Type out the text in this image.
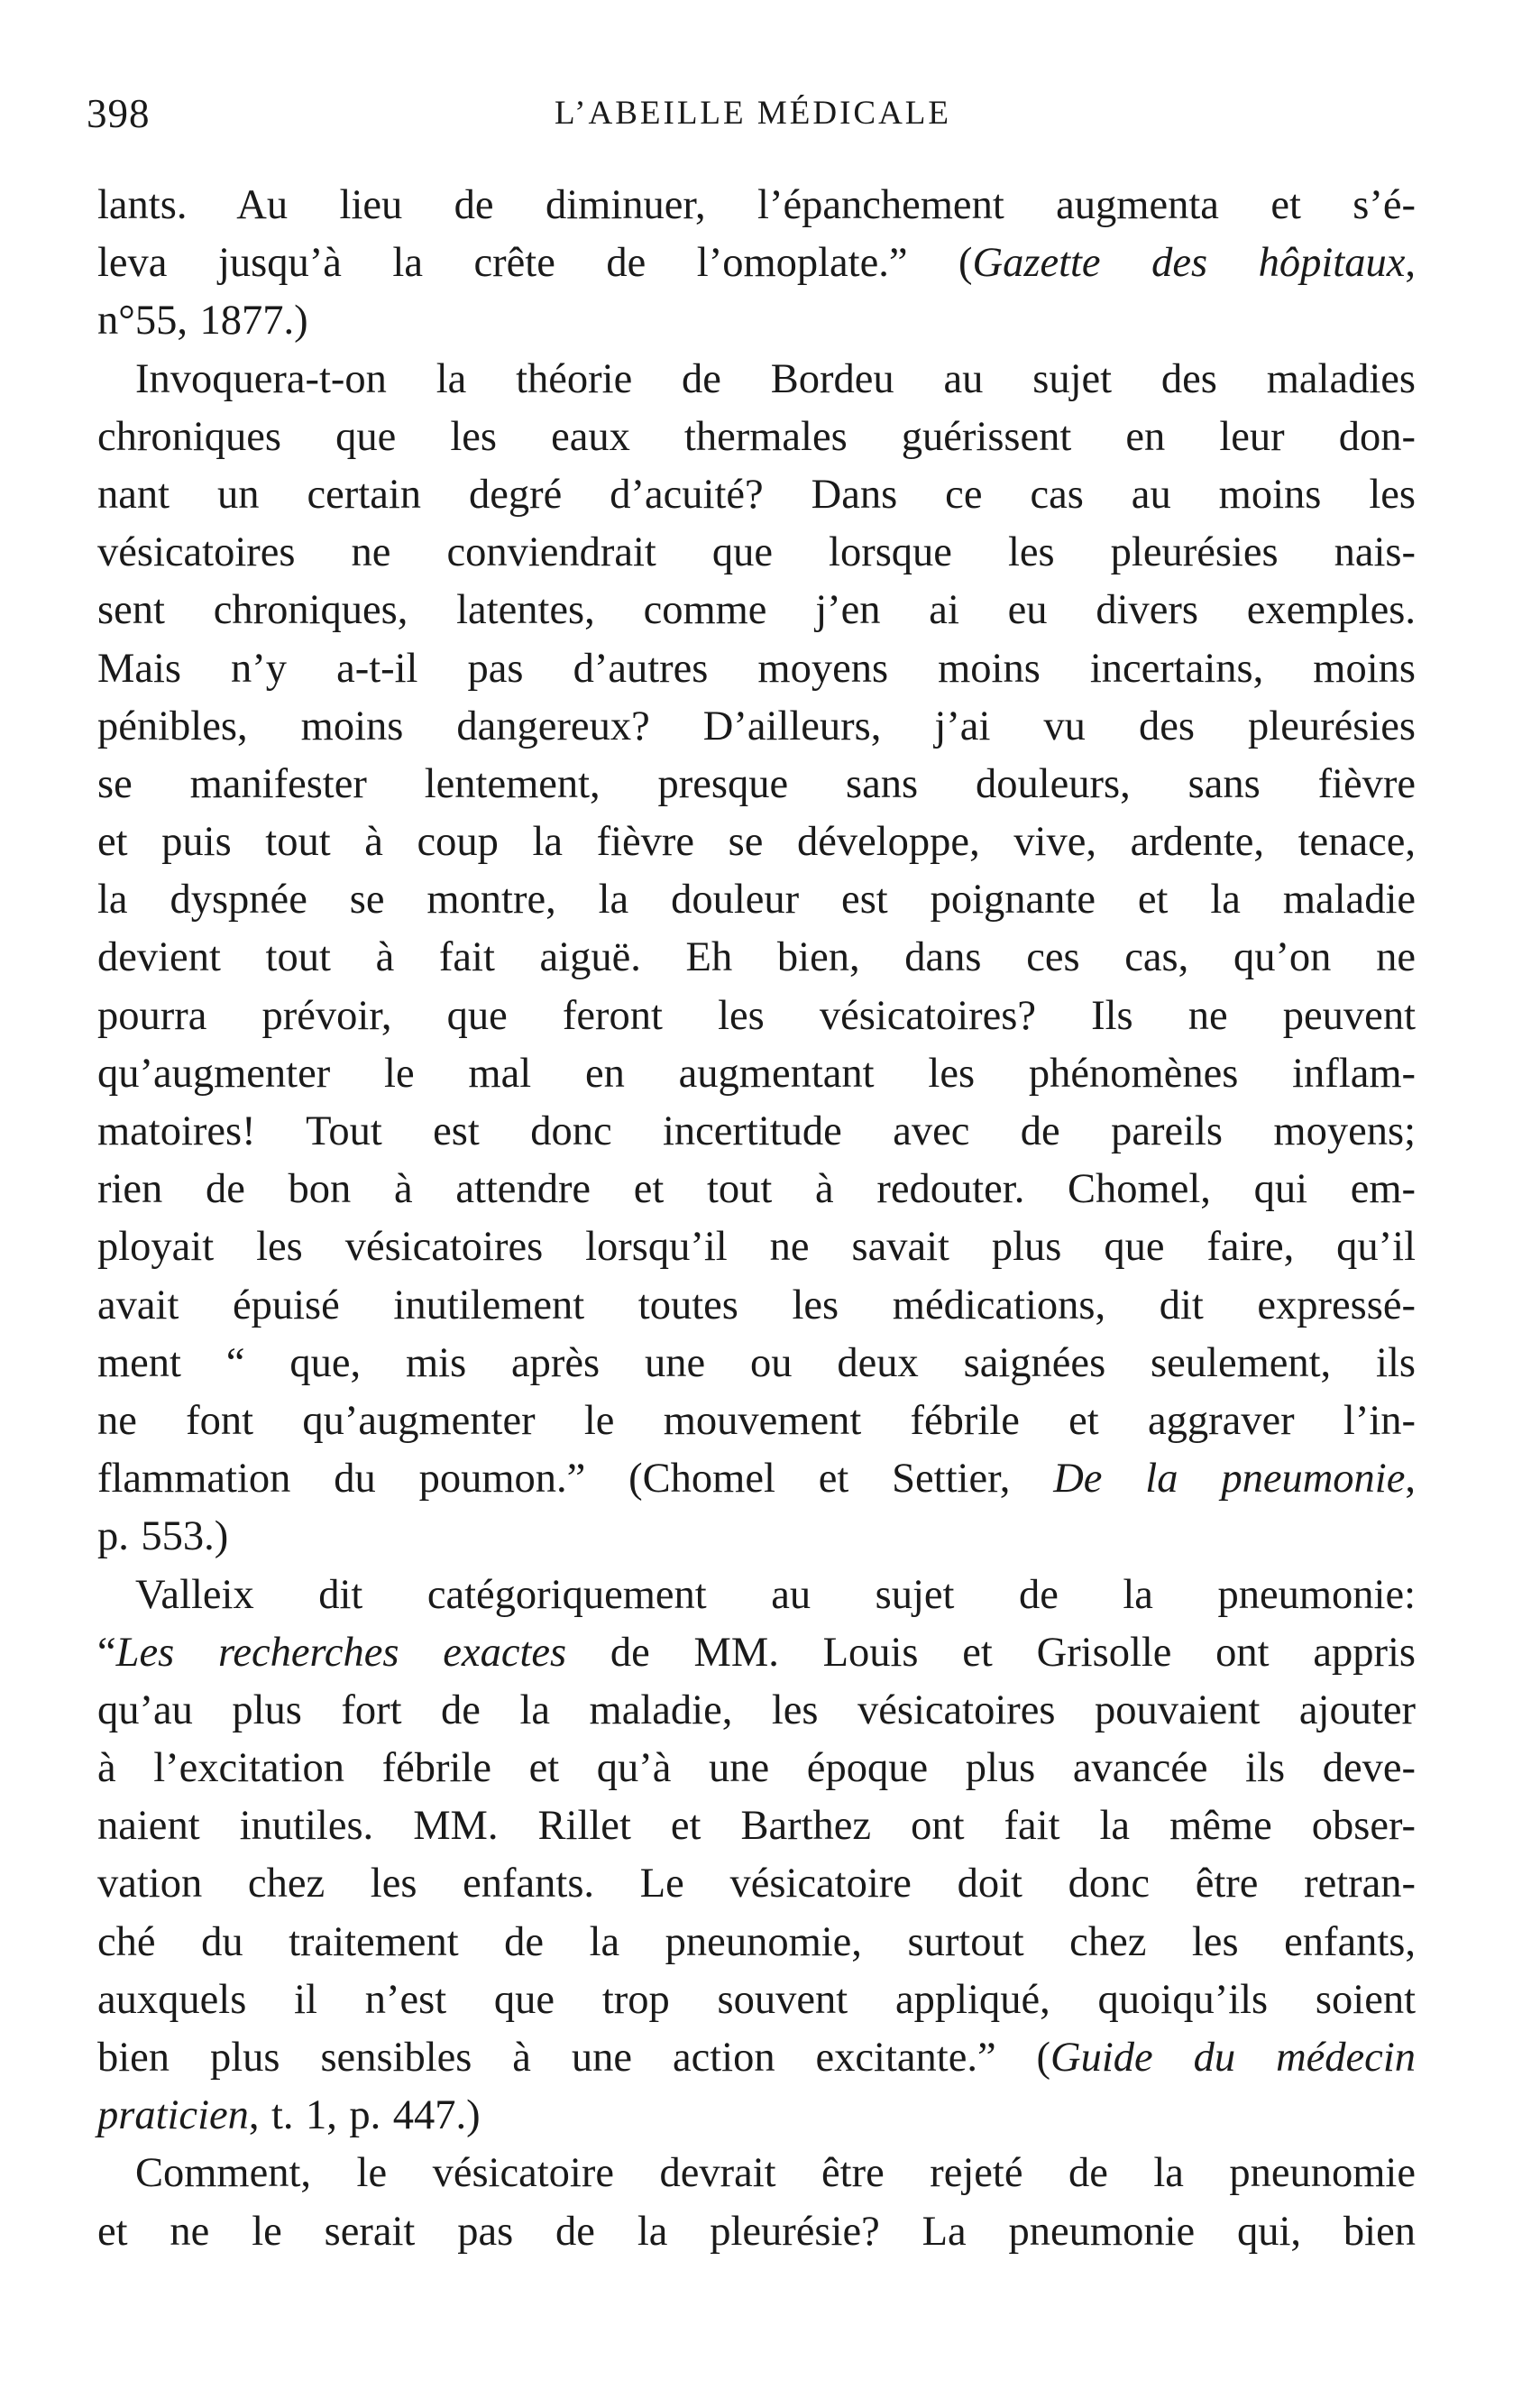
398	L’ABEILLE MÉDICALE
lants. Au lieu de diminuer, l’épanchement augmenta et s’é-
leva jusqu’à la crête de l’omoplate.” (Gazette des hôpitaux,
n°55, 1877.)
Invoquera-t-on la théorie de Bordeu au sujet des maladies
chroniques que les eaux thermales guérissent en leur don-
nant un certain degré d’acuité? Dans ce cas au moins les
vésicatoires ne conviendrait que lorsque les pleurésies nais-
sent chroniques, latentes, comme j’en ai eu divers exemples.
Mais n’y a-t-il pas d’autres moyens moins incertains, moins
pénibles, moins dangereux? D’ailleurs, j’ai vu des pleurésies
se manifester lentement, presque sans douleurs, sans fièvre
et puis tout à coup la fièvre se développe, vive, ardente, tenace,
la dyspnée se montre, la douleur est poignante et la maladie
devient tout à fait aiguë. Eh bien, dans ces cas, qu’on ne
pourra prévoir, que feront les vésicatoires? Ils ne peuvent
qu’augmenter le mal en augmentant les phénomènes inflam-
matoires! Tout est donc incertitude avec de pareils moyens;
rien de bon à attendre et tout à redouter. Chomel, qui em-
ployait les vésicatoires lorsqu’il ne savait plus que faire, qu’il
avait épuisé inutilement toutes les médications, dit expressé-
ment “ que, mis après une ou deux saignées seulement, ils
ne font qu’augmenter le mouvement fébrile et aggraver l’in-
flammation du poumon.” (Chomel et Settier, De la pneumonie,
p. 553.)
Valleix dit catégoriquement au sujet de la pneumonie:
“Les recherches exactes de MM. Louis et Grisolle ont appris
qu’au plus fort de la maladie, les vésicatoires pouvaient ajouter
à l’excitation fébrile et qu’à une époque plus avancée ils deve-
naient inutiles. MM. Rillet et Barthez ont fait la même obser-
vation chez les enfants. Le vésicatoire doit donc être retran-
ché du traitement de la pneunomie, surtout chez les enfants,
auxquels il n’est que trop souvent appliqué, quoiqu’ils soient
bien plus sensibles à une action excitante.” (Guide du médecin
praticien, t. 1, p. 447.)
Comment, le vésicatoire devrait être rejeté de la pneunomie
et ne le serait pas de la pleurésie? La pneumonie qui, bien
